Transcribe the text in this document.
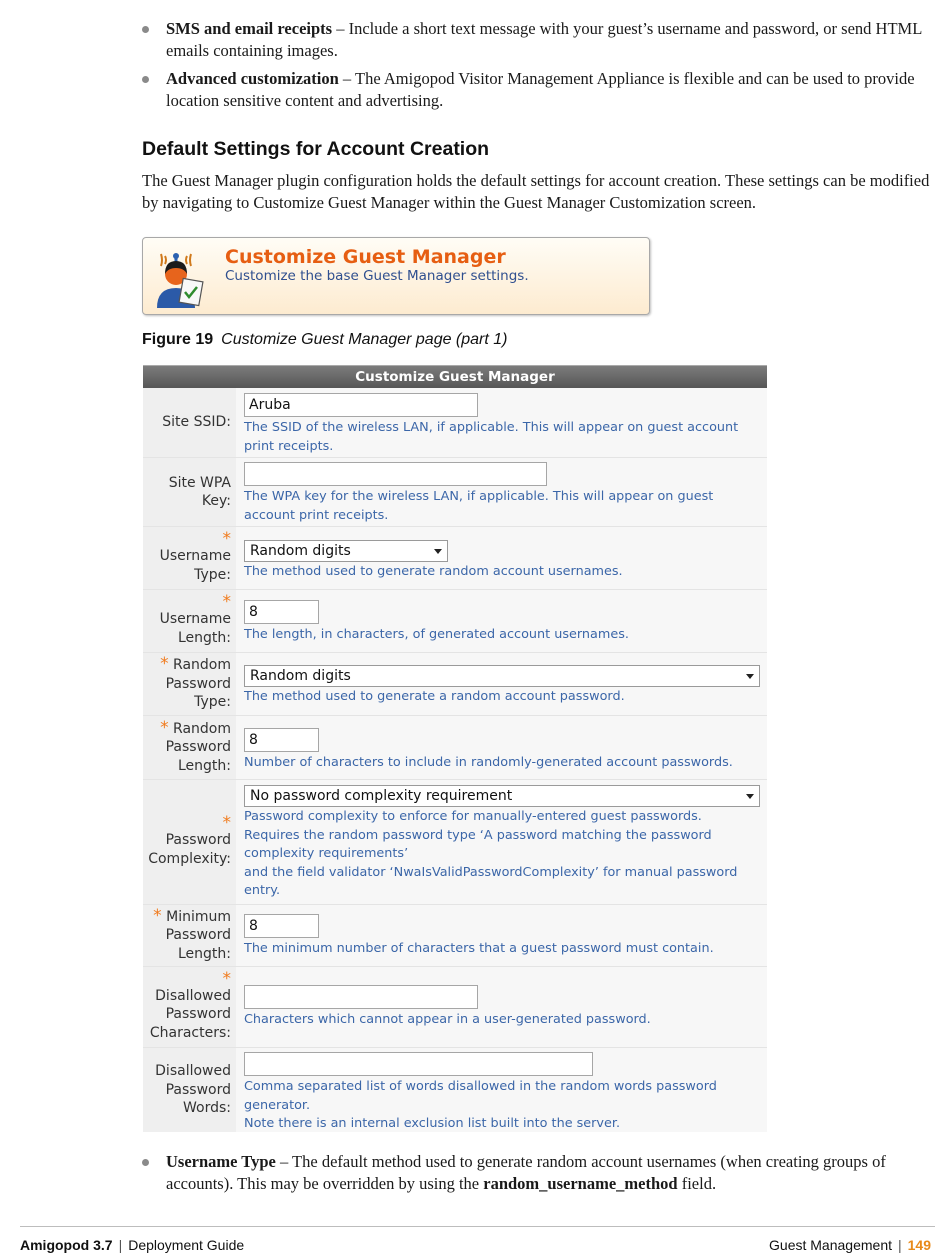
SMS and email receipts – Include a short text message with your guest’s username and password, or send HTML emails containing images.
Advanced customization – The Amigopod Visitor Management Appliance is flexible and can be used to provide location sensitive content and advertising.
Default Settings for Account Creation

The Guest Manager plugin configuration holds the default settings for account creation. These settings can be modified by navigating to Customize Guest Manager within the Guest Manager Customization screen.

Customize Guest Manager
Customize the base Guest Manager settings.
Figure 19 Customize Guest Manager page (part 1)
Customize Guest Manager
Site SSID:
Aruba
The SSID of the wireless LAN, if applicable. This will appear on guest account print receipts.
Site WPA Key: The WPA key for the wireless LAN, if applicable. This will appear on guest account print receipts.
*
Username Type:
Random digits
The method used to generate random account usernames.
*
Username Length:
8
The length, in characters, of generated account usernames.
* Random Password Type:
Random digits
The method used to generate a random account password.
* Random Password Length:
8
Number of characters to include in randomly-generated account passwords.
*
Password Complexity:
No password complexity requirement
Password complexity to enforce for manually-entered guest passwords.
Requires the random password type ‘A password matching the password complexity requirements’
and the field validator ‘NwaIsValidPasswordComplexity’ for manual password entry.
* Minimum Password Length:
8
The minimum number of characters that a guest password must contain.
*
Disallowed Password Characters:
Characters which cannot appear in a user-generated password.
Disallowed Password Words:
Comma separated list of words disallowed in the random words password generator.
Note there is an internal exclusion list built into the server.
Username Type – The default method used to generate random account usernames (when creating groups of accounts). This may be overridden by using the random_username_method field.
Amigopod 3.7 | Deployment Guide	Guest Management | 149
